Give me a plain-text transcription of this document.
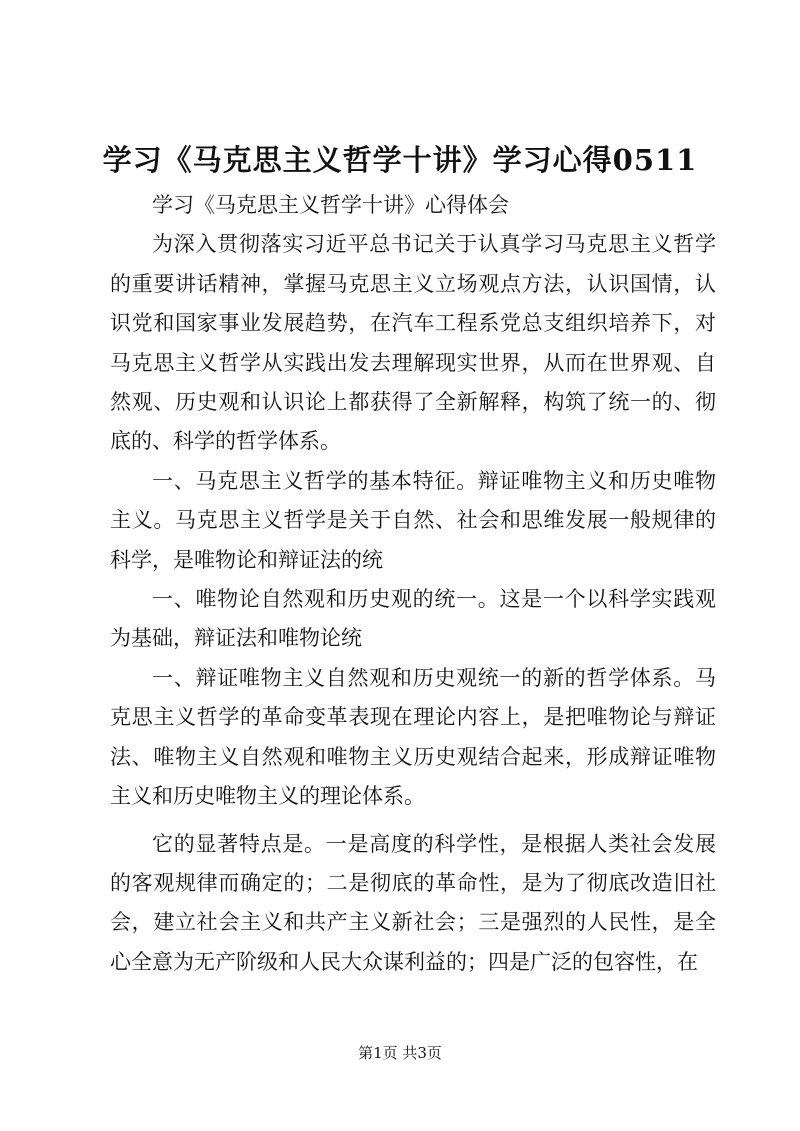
学习《马克思主义哲学十讲》学习心得0511

学习《马克思主义哲学十讲》心得体会

为深入贯彻落实习近平总书记关于认真学习马克思主义哲学的重要讲话精神，掌握马克思主义立场观点方法，认识国情，认识党和国家事业发展趋势，在汽车工程系党总支组织培养下，对马克思主义哲学从实践出发去理解现实世界，从而在世界观、自然观、历史观和认识论上都获得了全新解释，构筑了统一的、彻底的、科学的哲学体系。

一、马克思主义哲学的基本特征。辩证唯物主义和历史唯物主义。马克思主义哲学是关于自然、社会和思维发展一般规律的科学，是唯物论和辩证法的统

一、唯物论自然观和历史观的统一。这是一个以科学实践观为基础，辩证法和唯物论统

一、辩证唯物主义自然观和历史观统一的新的哲学体系。马克思主义哲学的革命变革表现在理论内容上，是把唯物论与辩证法、唯物主义自然观和唯物主义历史观结合起来，形成辩证唯物主义和历史唯物主义的理论体系。

它的显著特点是。一是高度的科学性，是根据人类社会发展的客观规律而确定的；二是彻底的革命性，是为了彻底改造旧社会，建立社会主义和共产主义新社会；三是强烈的人民性，是全心全意为无产阶级和人民大众谋利益的；四是广泛的包容性，在

第1页 共3页
